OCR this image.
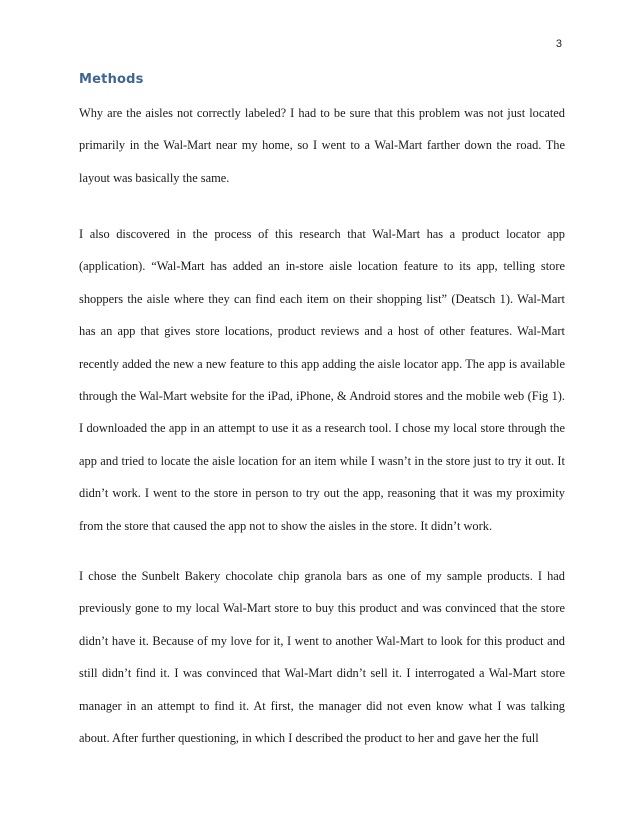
3
Methods

Why are the aisles not correctly labeled? I had to be sure that this problem was not just located primarily in the Wal-Mart near my home, so I went to a Wal-Mart farther down the road. The layout was basically the same.

I also discovered in the process of this research that Wal-Mart has a product locator app (application). “Wal-Mart has added an in-store aisle location feature to its app, telling store shoppers the aisle where they can find each item on their shopping list” (Deatsch 1). Wal-Mart has an app that gives store locations, product reviews and a host of other features. Wal-Mart recently added the new a new feature to this app adding the aisle locator app. The app is available through the Wal-Mart website for the iPad, iPhone, & Android stores and the mobile web (Fig 1). I downloaded the app in an attempt to use it as a research tool. I chose my local store through the app and tried to locate the aisle location for an item while I wasn’t in the store just to try it out. It didn’t work. I went to the store in person to try out the app, reasoning that it was my proximity from the store that caused the app not to show the aisles in the store. It didn’t work.

I chose the Sunbelt Bakery chocolate chip granola bars as one of my sample products. I had previously gone to my local Wal-Mart store to buy this product and was convinced that the store didn’t have it. Because of my love for it, I went to another Wal-Mart to look for this product and still didn’t find it. I was convinced that Wal-Mart didn’t sell it. I interrogated a Wal-Mart store manager in an attempt to find it. At first, the manager did not even know what I was talking about. After further questioning, in which I described the product to her and gave her the full
